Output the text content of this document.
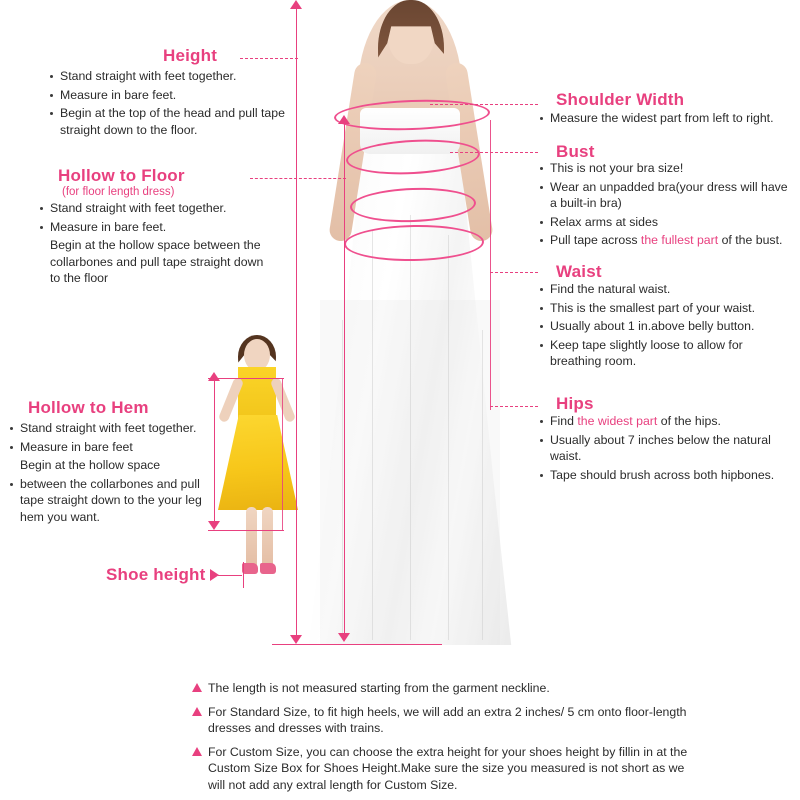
Height
Stand straight with feet together.
Measure in bare feet.
Begin at the top of the head and pull tape straight down to the floor.
Hollow to Floor
(for floor length dress)
Stand straight with feet together.
Measure in bare feet.
Begin at the hollow space between the collarbones and pull tape straight down to the floor
Hollow to Hem
Stand straight with feet together.
Measure in bare feet
Begin at the hollow space
between the collarbones and pull tape straight down to the your leg hem you want.
Shoe height
Shoulder Width
Measure the widest part from left to right.
Bust
This is not your bra size!
Wear an unpadded bra(your dress will have a built-in bra)
Relax arms at sides
Pull tape across the fullest part of the bust.
Waist
Find the natural waist.
This is the smallest part of your waist.
Usually about 1 in.above belly button.
Keep tape slightly loose to allow for breathing room.
Hips
Find the widest part of the hips.
Usually about 7 inches below the natural waist.
Tape should brush across both hipbones.
The length is not measured starting from the garment neckline.
For Standard Size, to fit high heels, we will add an extra 2 inches/ 5 cm onto floor-length dresses and dresses with trains.
For Custom Size, you can choose the extra height for your shoes height by fillin in at the Custom Size Box for Shoes Height.Make sure the size you measured is not short as we will not add any extral length for Custom Size.
